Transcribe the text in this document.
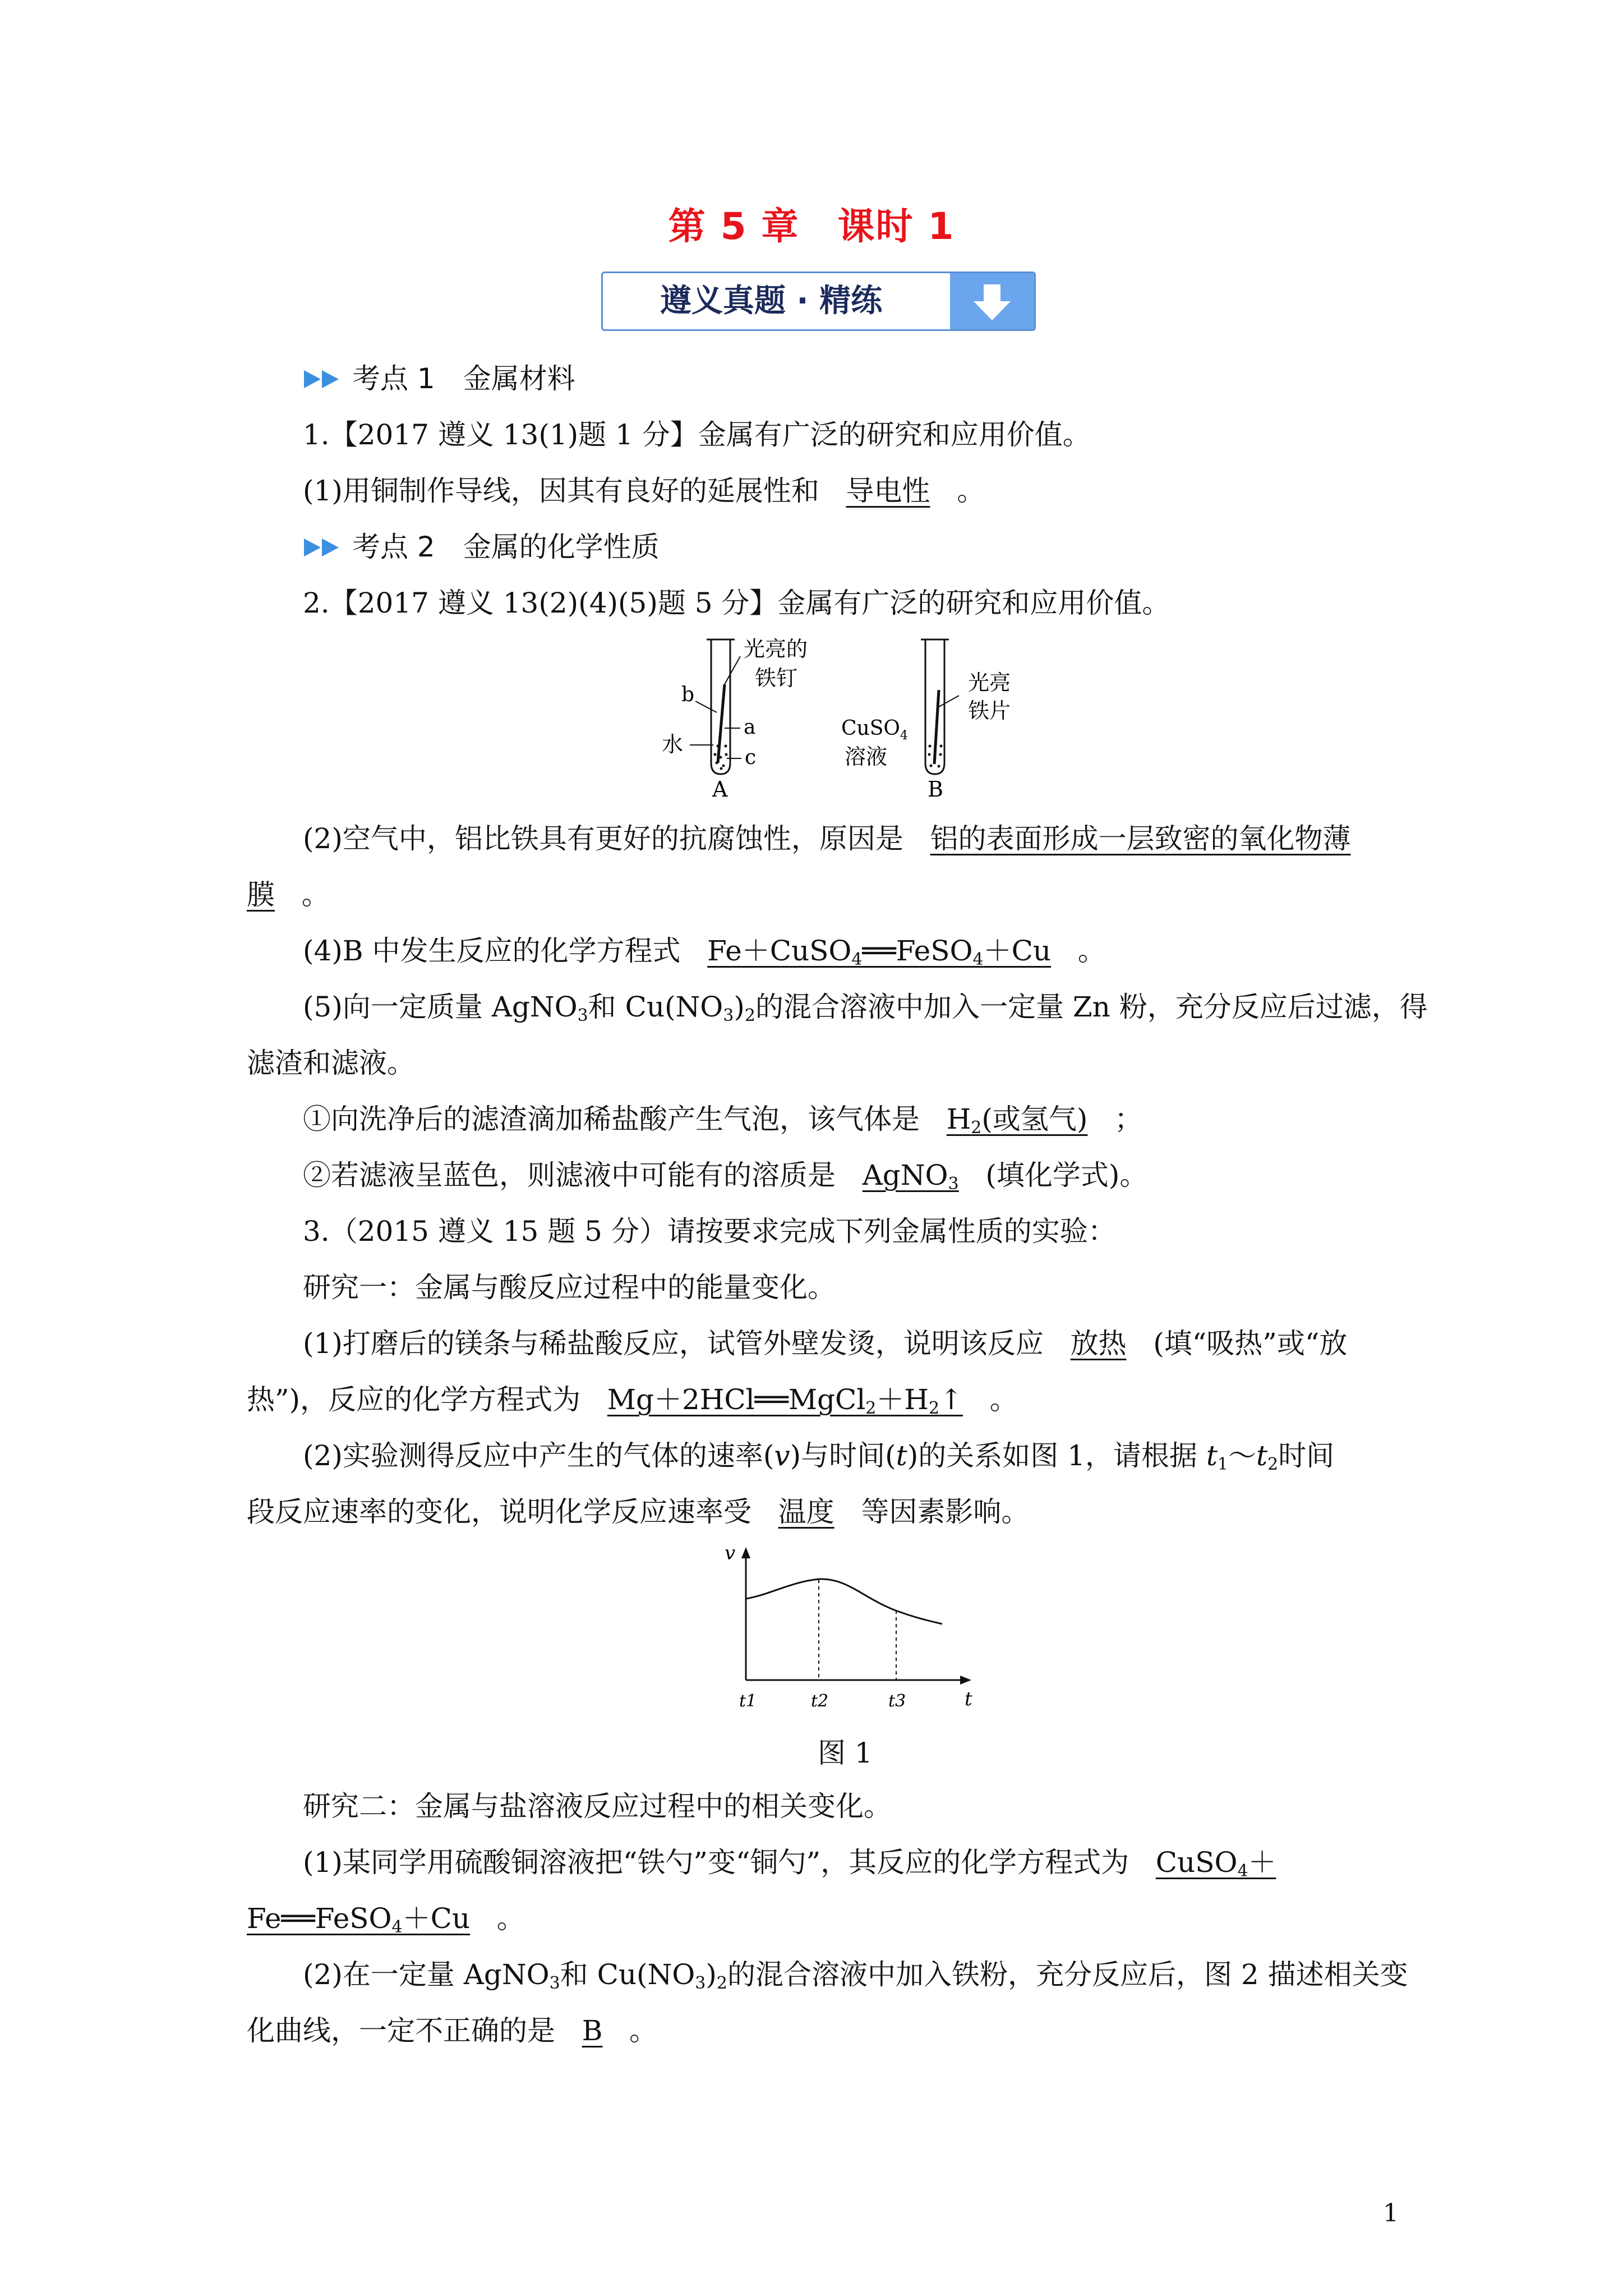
第 5 章　课时 1
遵义真题 · 精练
考点 1　金属材料
1.【2017 遵义 13(1)题 1 分】金属有广泛的研究和应用价值。
(1)用铜制作导线，因其有良好的延展性和 导电性 。
考点 2　金属的化学性质
2.【2017 遵义 13(2)(4)(5)题 5 分】金属有广泛的研究和应用价值。
光亮的
铁钉
b
a
水
c
A
光亮
铁片
CuSO$_4$
溶液
B
(2)空气中，铝比铁具有更好的抗腐蚀性，原因是 铝的表面形成一层致密的氧化物薄
膜 。
(4)B 中发生反应的化学方程式 Fe＋CuSO$_4$══FeSO$_4$＋Cu 。
(5)向一定质量 AgNO$_3$和 $Cu(NO_3)_2$的混合溶液中加入一定量 Zn 粉，充分反应后过滤，得
滤渣和滤液。
①向洗净后的滤渣滴加稀盐酸产生气泡，该气体是 $H_2$(或氢气) ；
②若滤液呈蓝色，则滤液中可能有的溶质是 AgNO$_3$ (填化学式)。
3.（2015 遵义 15 题 5 分）请按要求完成下列金属性质的实验：
研究一：金属与酸反应过程中的能量变化。
(1)打磨后的镁条与稀盐酸反应，试管外壁发烫，说明该反应 放热 (填“吸热”或“放
热”)，反应的化学方程式为 $Mg+2HCl══MgCl_2+H_2↑$ 。
(2)实验测得反应中产生的气体的速率(v)与时间(t)的关系如图 1，请根据 $t_1\sim t_2$时间
段反应速率的变化，说明化学反应速率受 温度 等因素影响。
v
t
t1	t2	t3
图 1
研究二：金属与盐溶液反应过程中的相关变化。
(1)某同学用硫酸铜溶液把“铁勺”变“铜勺”，其反应的化学方程式为 CuSO$_4$＋
Fe══FeSO$_4$＋Cu 。
(2)在一定量 AgNO$_3$和 $Cu(NO_3)_2$的混合溶液中加入铁粉，充分反应后，图 2 描述相关变
化曲线，一定不正确的是 B 。
1
